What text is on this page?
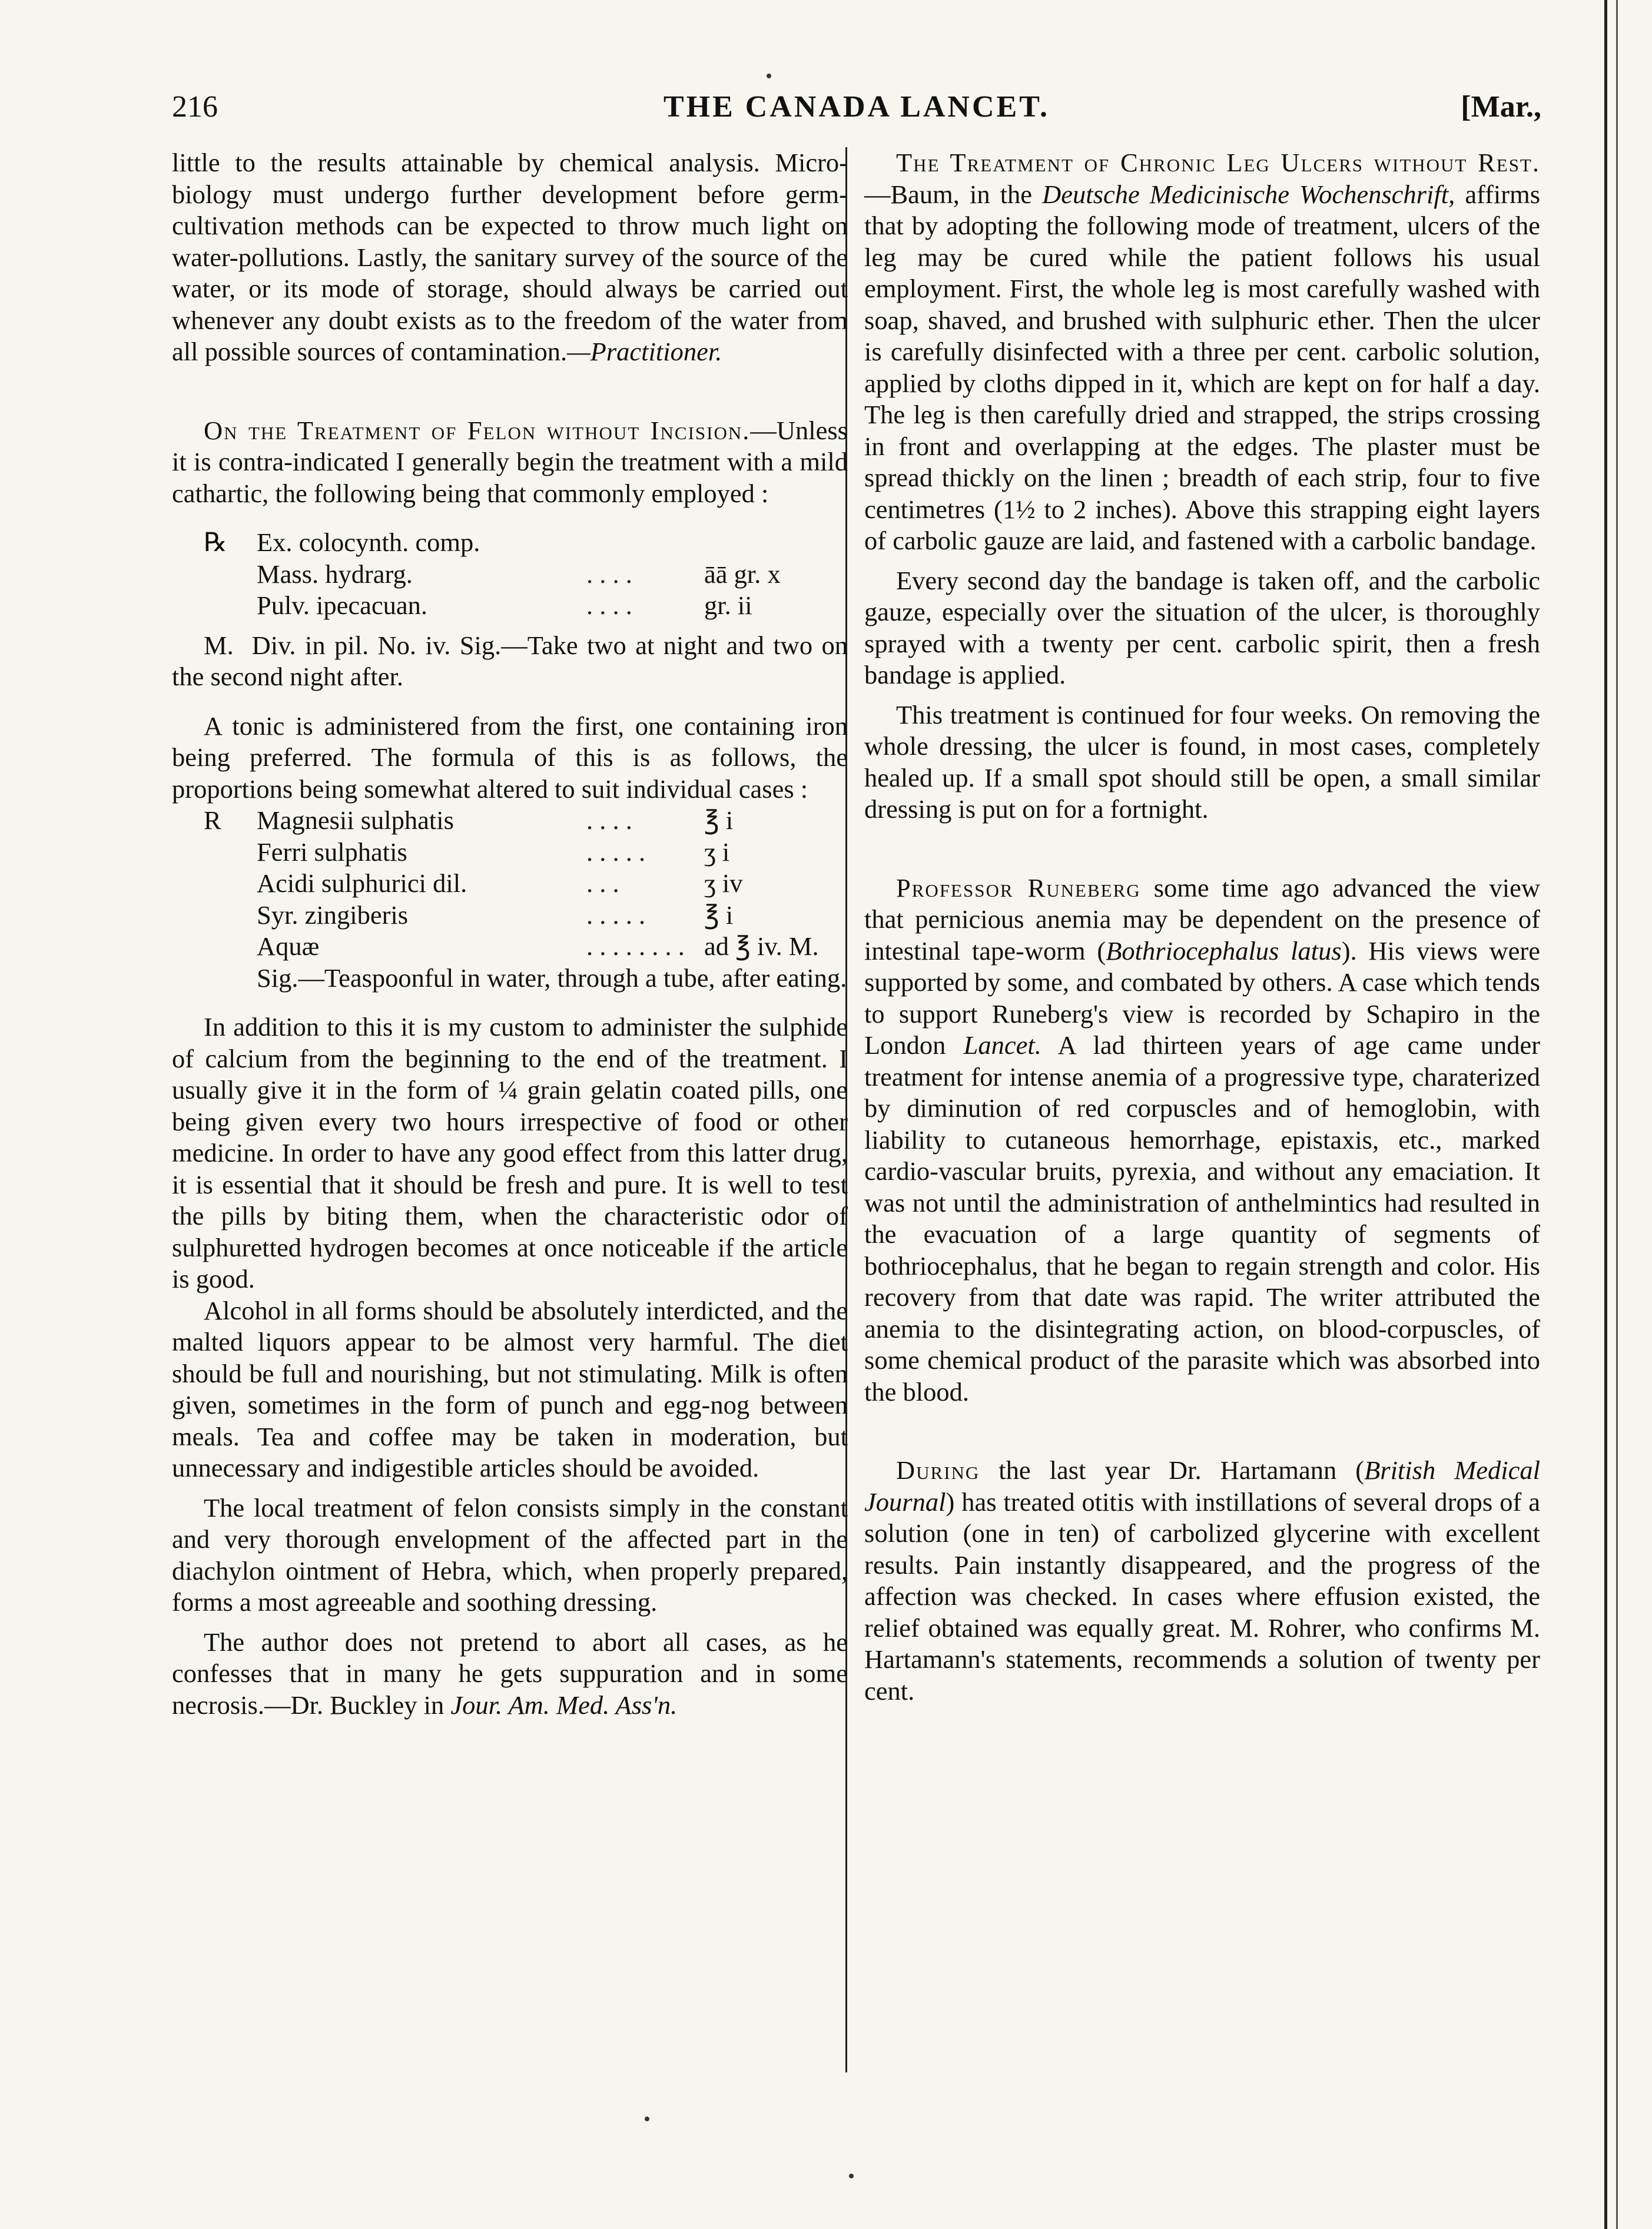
216	THE CANADA LANCET.	[Mar.,

little to the results attainable by chemical analysis. Micro-biology must undergo further development before germ-cultivation methods can be expected to throw much light on water-pollutions. Lastly, the sanitary survey of the source of the water, or its mode of storage, should always be carried out whenever any doubt exists as to the freedom of the water from all possible sources of contamination.—Practitioner.

On the Treatment of Felon without Incision.—Unless it is contra-indicated I generally begin the treatment with a mild cathartic, the following being that commonly employed :

℞	Ex. colocynth. comp.
Mass. hydrarg.	. . . .	āā gr. x
Pulv. ipecacuan.	. . . .	gr. ii

M. Div. in pil. No. iv. Sig.—Take two at night and two on the second night after.

A tonic is administered from the first, one containing iron being preferred. The formula of this is as follows, the proportions being somewhat altered to suit individual cases :

R	Magnesii sulphatis	. . . .	℥ i
Ferri sulphatis	. . . . .	ʒ i
Acidi sulphurici dil.	. . .	ʒ iv
Syr. zingiberis	. . . . .	℥ i
Aquæ	. . . . . . . . ad ℥ iv. M.

Sig.—Teaspoonful in water, through a tube, after eating.

In addition to this it is my custom to administer the sulphide of calcium from the beginning to the end of the treatment. I usually give it in the form of ¼ grain gelatin coated pills, one being given every two hours irrespective of food or other medicine. In order to have any good effect from this latter drug, it is essential that it should be fresh and pure. It is well to test the pills by biting them, when the characteristic odor of sulphuretted hydrogen becomes at once noticeable if the article is good.

Alcohol in all forms should be absolutely interdicted, and the malted liquors appear to be almost very harmful. The diet should be full and nourishing, but not stimulating. Milk is often given, sometimes in the form of punch and egg-nog between meals. Tea and coffee may be taken in moderation, but unnecessary and indigestible articles should be avoided.

The local treatment of felon consists simply in the constant and very thorough envelopment of the affected part in the diachylon ointment of Hebra, which, when properly prepared, forms a most agreeable and soothing dressing.

The author does not pretend to abort all cases, as he confesses that in many he gets suppuration and in some necrosis.—Dr. Buckley in Jour. Am. Med. Ass'n.

The Treatment of Chronic Leg Ulcers without Rest.—Baum, in the Deutsche Medicinische Wochenschrift, affirms that by adopting the following mode of treatment, ulcers of the leg may be cured while the patient follows his usual employment. First, the whole leg is most carefully washed with soap, shaved, and brushed with sulphuric ether. Then the ulcer is carefully disinfected with a three per cent. carbolic solution, applied by cloths dipped in it, which are kept on for half a day. The leg is then carefully dried and strapped, the strips crossing in front and overlapping at the edges. The plaster must be spread thickly on the linen ; breadth of each strip, four to five centimetres (1½ to 2 inches). Above this strapping eight layers of carbolic gauze are laid, and fastened with a carbolic bandage.

Every second day the bandage is taken off, and the carbolic gauze, especially over the situation of the ulcer, is thoroughly sprayed with a twenty per cent. carbolic spirit, then a fresh bandage is applied.

This treatment is continued for four weeks. On removing the whole dressing, the ulcer is found, in most cases, completely healed up. If a small spot should still be open, a small similar dressing is put on for a fortnight.

Professor Runeberg some time ago advanced the view that pernicious anemia may be dependent on the presence of intestinal tape-worm (Bothriocephalus latus). His views were supported by some, and combated by others. A case which tends to support Runeberg's view is recorded by Schapiro in the London Lancet. A lad thirteen years of age came under treatment for intense anemia of a progressive type, charaterized by diminution of red corpuscles and of hemoglobin, with liability to cutaneous hemorrhage, epistaxis, etc., marked cardio-vascular bruits, pyrexia, and without any emaciation. It was not until the administration of anthelmintics had resulted in the evacuation of a large quantity of segments of bothriocephalus, that he began to regain strength and color. His recovery from that date was rapid. The writer attributed the anemia to the disintegrating action, on blood-corpuscles, of some chemical product of the parasite which was absorbed into the blood.

During the last year Dr. Hartamann (British Medical Journal) has treated otitis with instillations of several drops of a solution (one in ten) of carbolized glycerine with excellent results. Pain instantly disappeared, and the progress of the affection was checked. In cases where effusion existed, the relief obtained was equally great. M. Rohrer, who confirms M. Hartamann's statements, recommends a solution of twenty per cent.
